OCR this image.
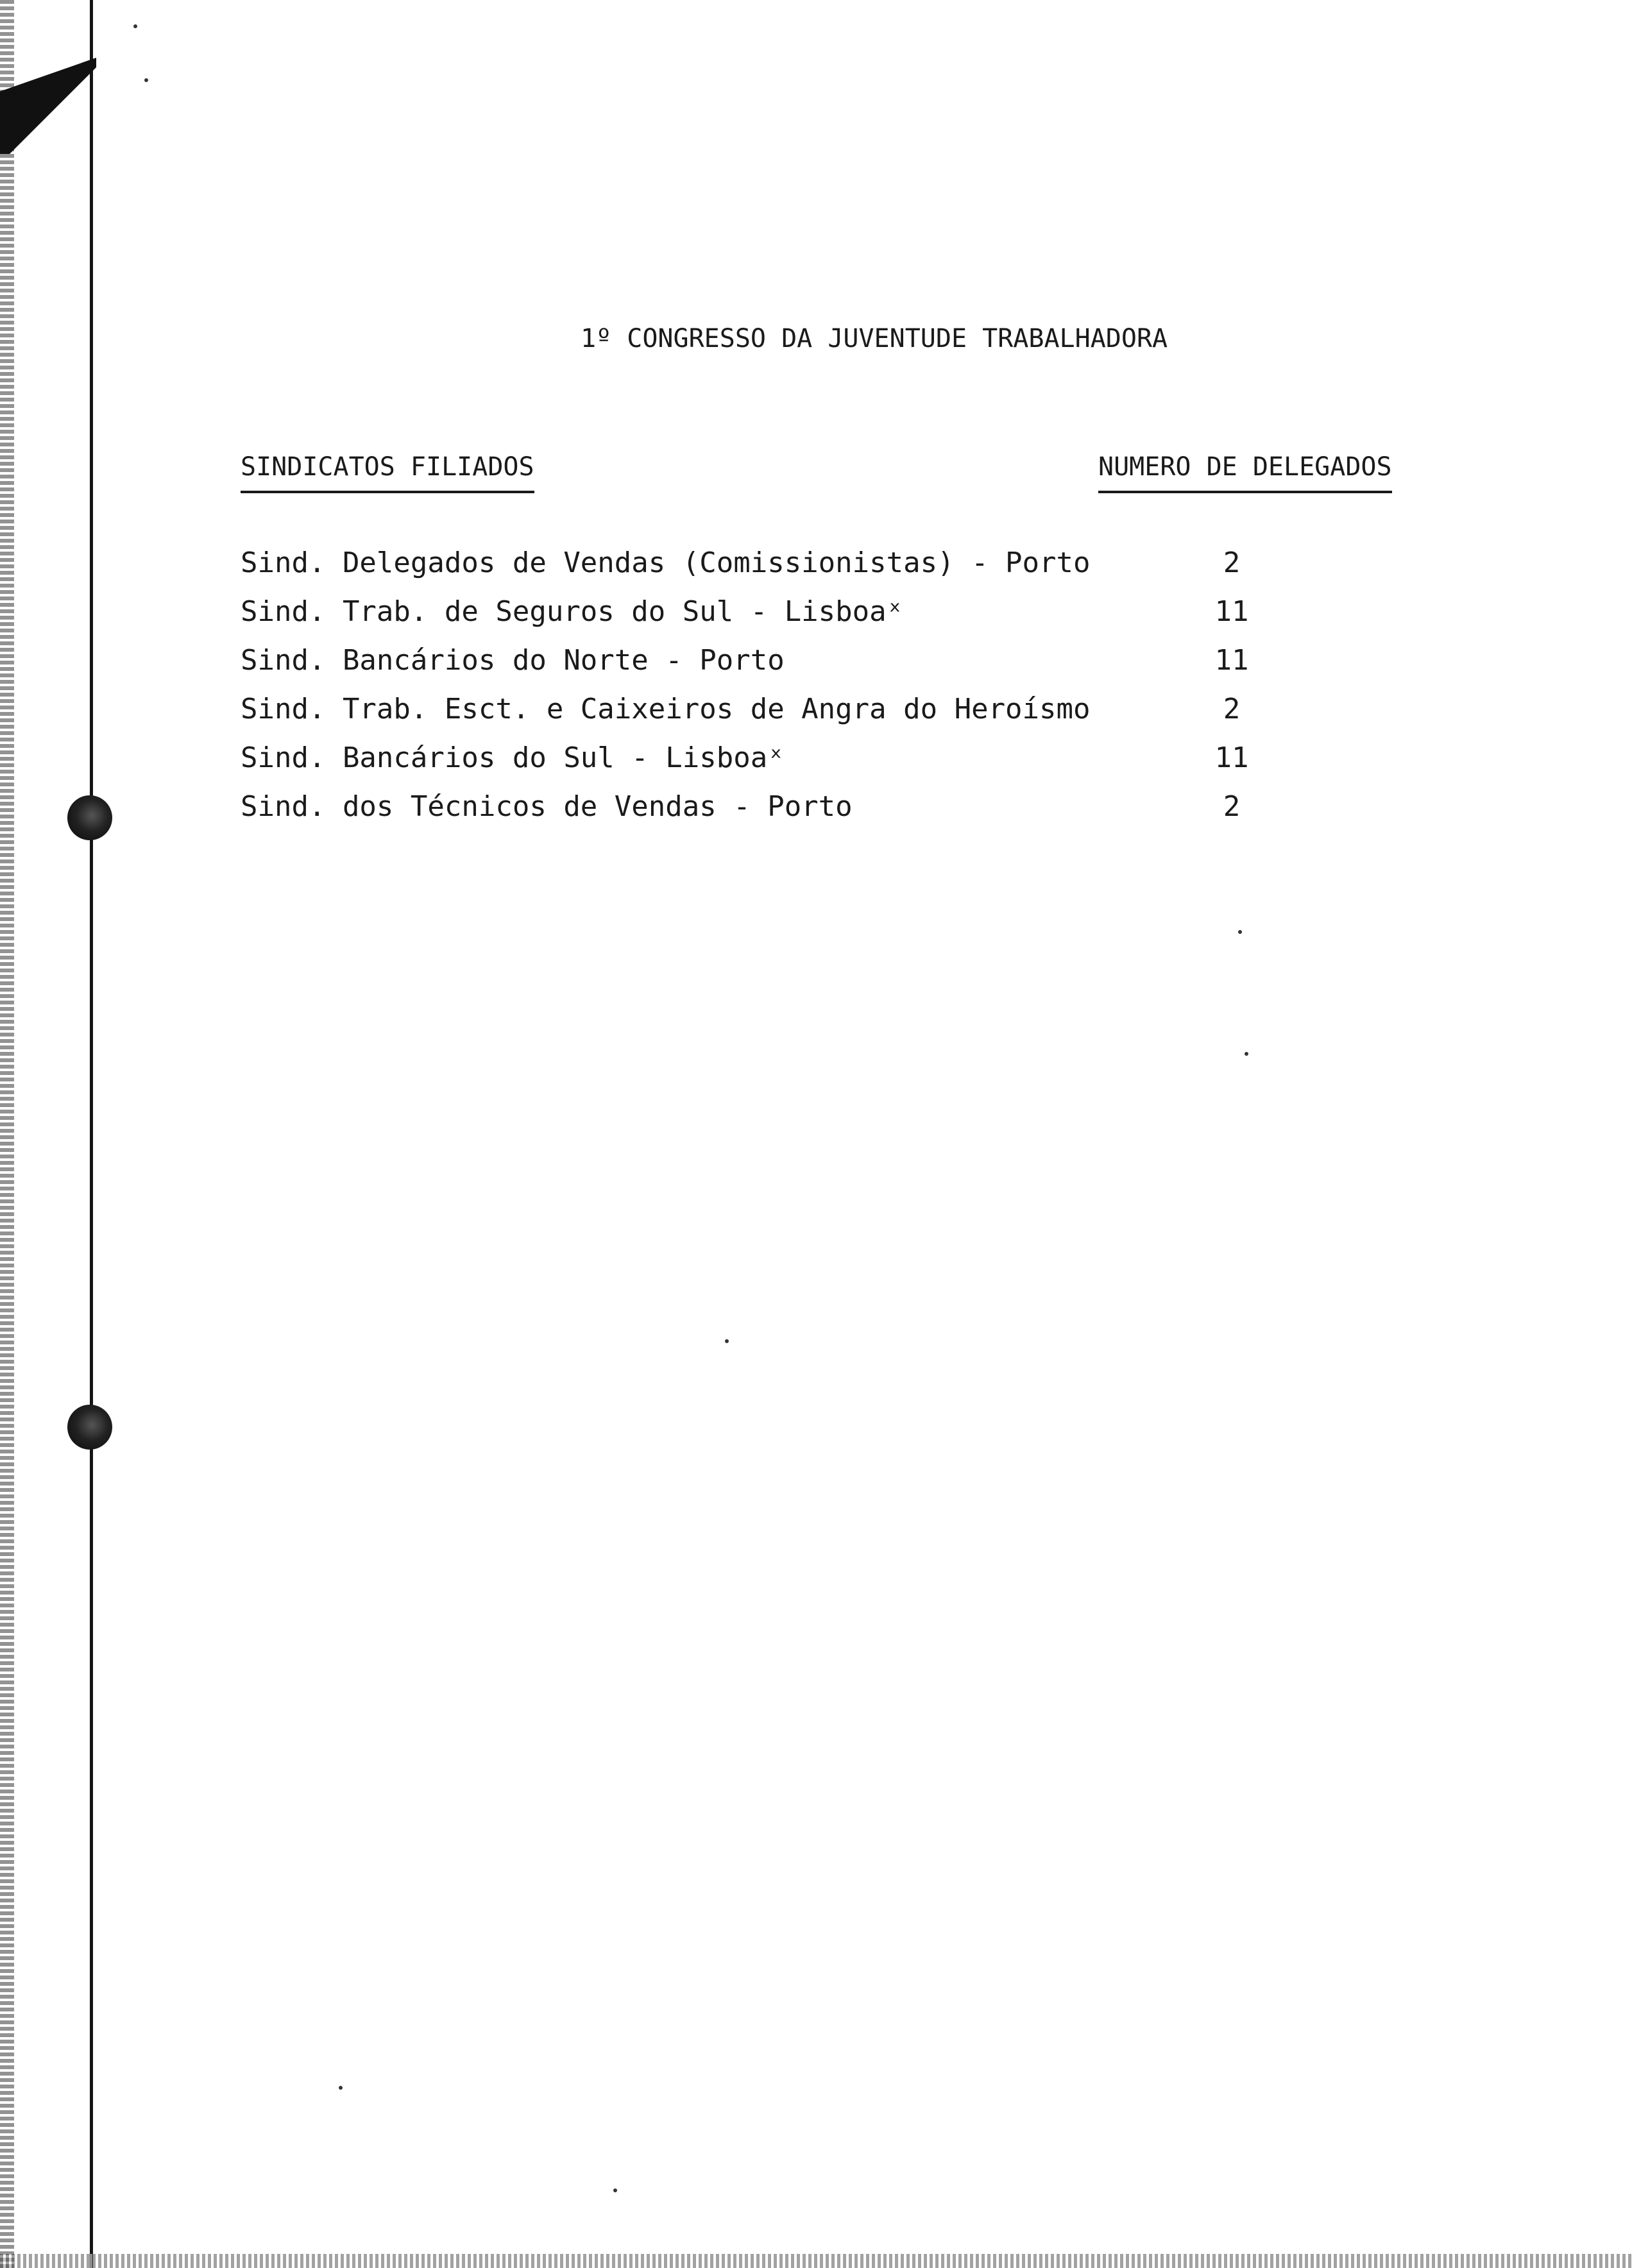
1º CONGRESSO DA JUVENTUDE TRABALHADORA
SINDICATOS FILIADOS	NUMERO DE DELEGADOS
Sind. Delegados de Vendas (Comissionistas) - Porto	2
Sind. Trab. de Seguros do Sul - Lisboaˣ	11
Sind. Bancários do Norte - Porto	11
Sind. Trab. Esct. e Caixeiros de Angra do Heroísmo	2
Sind. Bancários do Sul - Lisboaˣ	11
Sind. dos Técnicos de Vendas - Porto	2
